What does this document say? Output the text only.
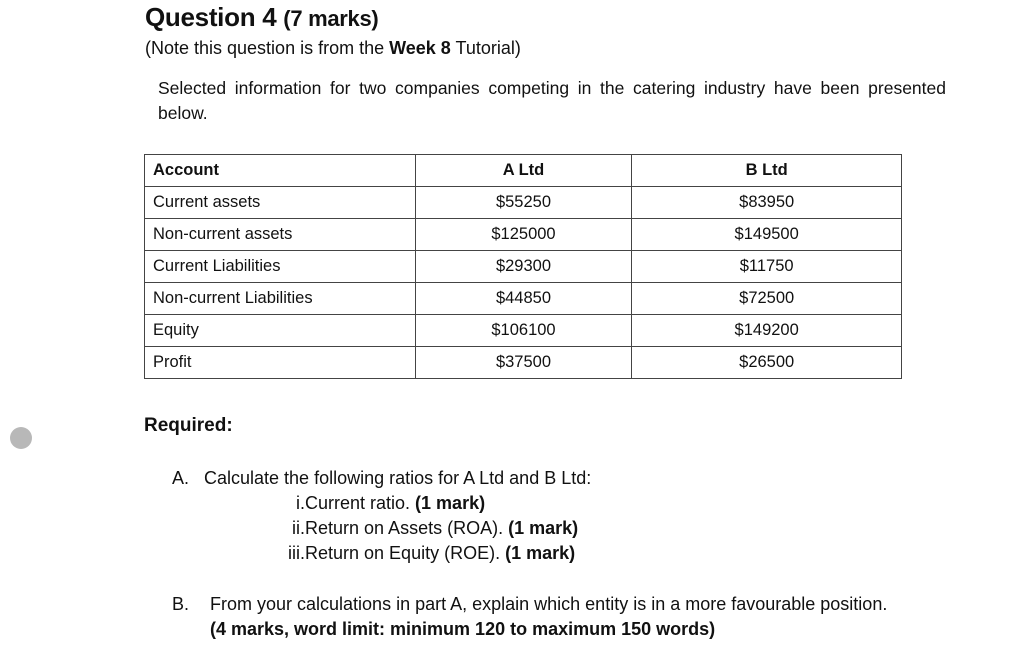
Question 4 (7 marks)
(Note this question is from the Week 8 Tutorial)
Selected information for two companies competing in the catering industry have been presented below.
Account	A Ltd	B Ltd
Current assets	$55250	$83950
Non-current assets	$125000	$149500
Current Liabilities	$29300	$11750
Non-current Liabilities	$44850	$72500
Equity	$106100	$149200
Profit	$37500	$26500
Required:
A. Calculate the following ratios for A Ltd and B Ltd:
i.Current ratio. (1 mark)
ii.Return on Assets (ROA). (1 mark)
iii.Return on Equity (ROE). (1 mark)
B. From your calculations in part A, explain which entity is in a more favourable position.
(4 marks, word limit: minimum 120 to maximum 150 words)
